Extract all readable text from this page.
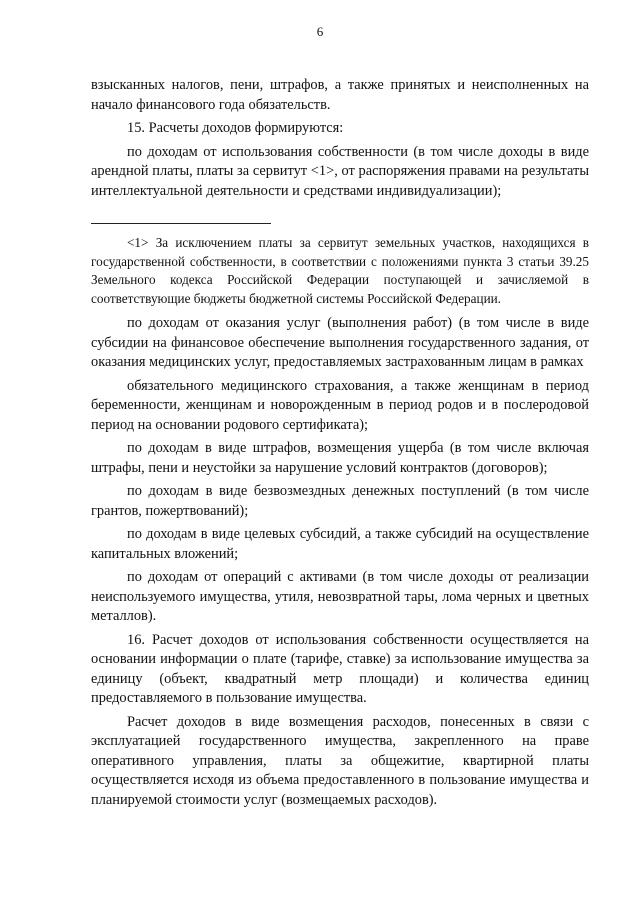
6

взысканных налогов, пени, штрафов, а также принятых и неисполненных на начало финансового года обязательств.

15. Расчеты доходов формируются:

по доходам от использования собственности (в том числе доходы в виде арендной платы, платы за сервитут <1>, от распоряжения правами на результаты интеллектуальной деятельности и средствами индивидуализации);

<1> За исключением платы за сервитут земельных участков, находящихся в государственной собственности, в соответствии с положениями пункта 3 статьи 39.25 Земельного кодекса Российской Федерации поступающей и зачисляемой в соответствующие бюджеты бюджетной системы Российской Федерации.

по доходам от оказания услуг (выполнения работ) (в том числе в виде субсидии на финансовое обеспечение выполнения государственного задания, от оказания медицинских услуг, предоставляемых застрахованным лицам в рамках

обязательного медицинского страхования, а также женщинам в период беременности, женщинам и новорожденным в период родов и в послеродовой период на основании родового сертификата);

по доходам в виде штрафов, возмещения ущерба (в том числе включая штрафы, пени и неустойки за нарушение условий контрактов (договоров);

по доходам в виде безвозмездных денежных поступлений (в том числе грантов, пожертвований);

по доходам в виде целевых субсидий, а также субсидий на осуществление капитальных вложений;

по доходам от операций с активами (в том числе доходы от реализации неиспользуемого имущества, утиля, невозвратной тары, лома черных и цветных металлов).

16. Расчет доходов от использования собственности осуществляется на основании информации о плате (тарифе, ставке) за использование имущества за единицу (объект, квадратный метр площади) и количества единиц предоставляемого в пользование имущества.

Расчет доходов в виде возмещения расходов, понесенных в связи с эксплуатацией государственного имущества, закрепленного на праве оперативного управления, платы за общежитие, квартирной платы осуществляется исходя из объема предоставленного в пользование имущества и планируемой стоимости услуг (возмещаемых расходов).
